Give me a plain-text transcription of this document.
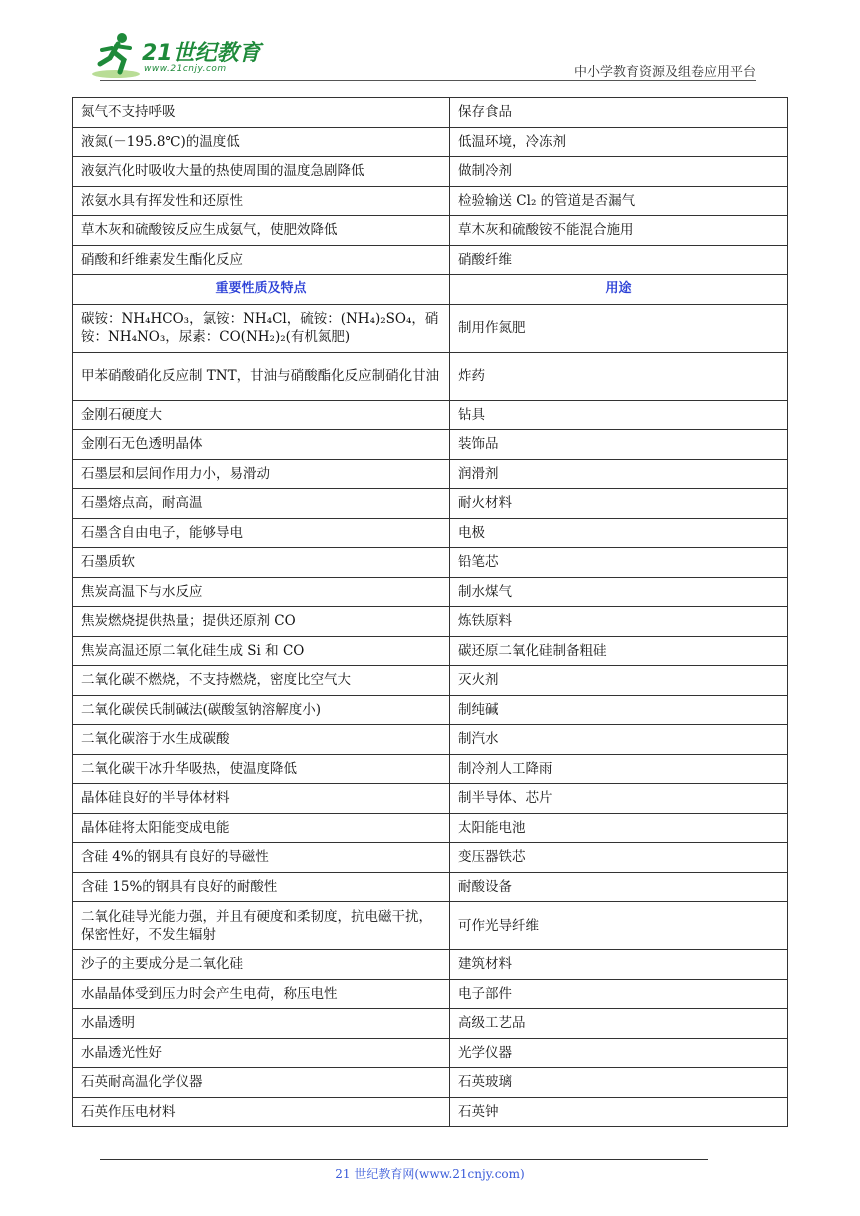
21世纪教育
www.21cnjy.com	中小学教育资源及组卷应用平台
氮气不支持呼吸	保存食品
液氮(－195.8℃)的温度低	低温环境，冷冻剂
液氨汽化时吸收大量的热使周围的温度急剧降低	做制冷剂
浓氨水具有挥发性和还原性	检验输送 Cl₂ 的管道是否漏气
草木灰和硫酸铵反应生成氨气，使肥效降低	草木灰和硫酸铵不能混合施用
硝酸和纤维素发生酯化反应	硝酸纤维
重要性质及特点	用途
碳铵：NH₄HCO₃，氯铵：NH₄Cl，硫铵：(NH₄)₂SO₄，硝铵：NH₄NO₃，尿素：CO(NH₂)₂(有机氮肥)	制用作氮肥
甲苯硝酸硝化反应制 TNT，甘油与硝酸酯化反应制硝化甘油	炸药
金刚石硬度大	钻具
金刚石无色透明晶体	装饰品
石墨层和层间作用力小，易滑动	润滑剂
石墨熔点高，耐高温	耐火材料
石墨含自由电子，能够导电	电极
石墨质软	铅笔芯
焦炭高温下与水反应	制水煤气
焦炭燃烧提供热量；提供还原剂 CO	炼铁原料
焦炭高温还原二氧化硅生成 Si 和 CO	碳还原二氧化硅制备粗硅
二氧化碳不燃烧，不支持燃烧，密度比空气大	灭火剂
二氧化碳侯氏制碱法(碳酸氢钠溶解度小)	制纯碱
二氧化碳溶于水生成碳酸	制汽水
二氧化碳干冰升华吸热，使温度降低	制冷剂人工降雨
晶体硅良好的半导体材料	制半导体、芯片
晶体硅将太阳能变成电能	太阳能电池
含硅 4%的钢具有良好的导磁性	变压器铁芯
含硅 15%的钢具有良好的耐酸性	耐酸设备
二氧化硅导光能力强，并且有硬度和柔韧度，抗电磁干扰，保密性好，不发生辐射	可作光导纤维
沙子的主要成分是二氧化硅	建筑材料
水晶晶体受到压力时会产生电荷，称压电性	电子部件
水晶透明	高级工艺品
水晶透光性好	光学仪器
石英耐高温化学仪器	石英玻璃
石英作压电材料	石英钟
21 世纪教育网(www.21cnjy.com)
